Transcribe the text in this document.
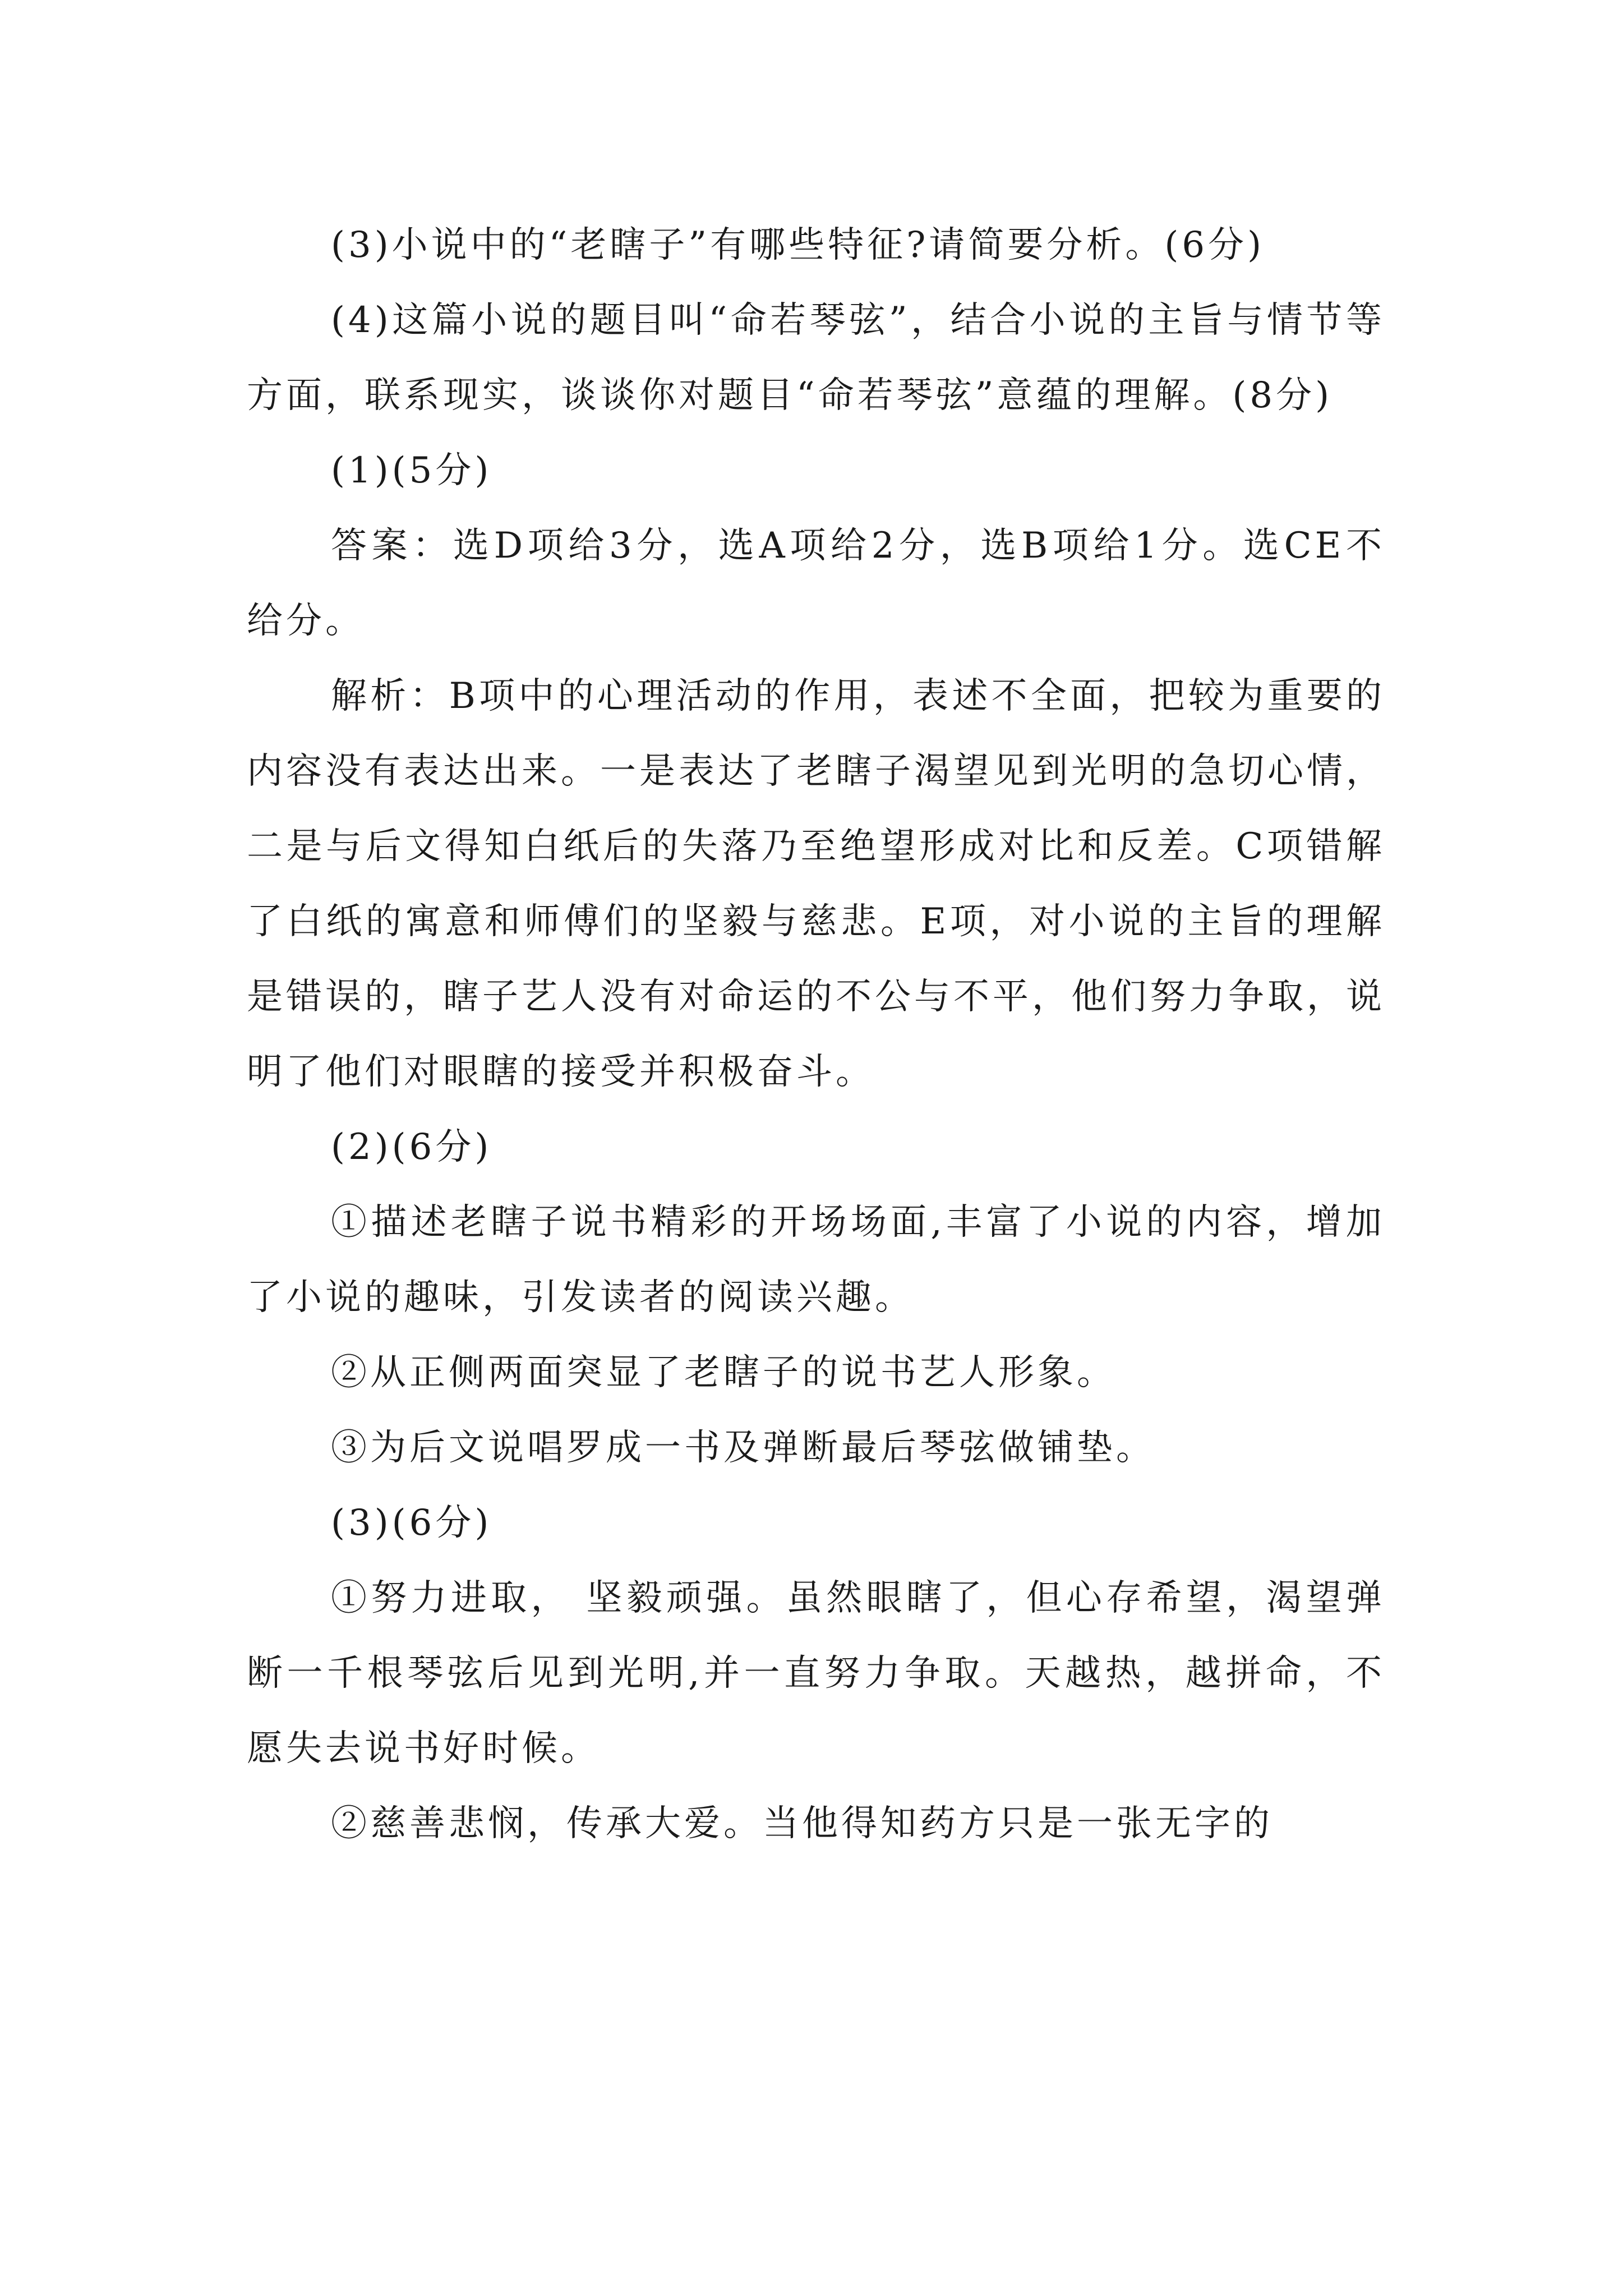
(3)小说中的“老瞎子”有哪些特征?请简要分析。(6分)

(4)这篇小说的题目叫“命若琴弦”，结合小说的主旨与情节等方面，联系现实，谈谈你对题目“命若琴弦”意蕴的理解。(8分)

(1)(5分)

答案：选D项给3分，选A项给2分，选B项给1分。选CE不给分。

解析：B项中的心理活动的作用，表述不全面，把较为重要的内容没有表达出来。一是表达了老瞎子渴望见到光明的急切心情，二是与后文得知白纸后的失落乃至绝望形成对比和反差。C项错解了白纸的寓意和师傅们的坚毅与慈悲。E项，对小说的主旨的理解是错误的，瞎子艺人没有对命运的不公与不平，他们努力争取，说明了他们对眼瞎的接受并积极奋斗。

(2)(6分)

①描述老瞎子说书精彩的开场场面,丰富了小说的内容，增加了小说的趣味，引发读者的阅读兴趣。

②从正侧两面突显了老瞎子的说书艺人形象。

③为后文说唱罗成一书及弹断最后琴弦做铺垫。

(3)(6分)

①努力进取， 坚毅顽强。虽然眼瞎了，但心存希望，渴望弹断一千根琴弦后见到光明,并一直努力争取。天越热，越拼命，不愿失去说书好时候。

②慈善悲悯，传承大爱。当他得知药方只是一张无字的
